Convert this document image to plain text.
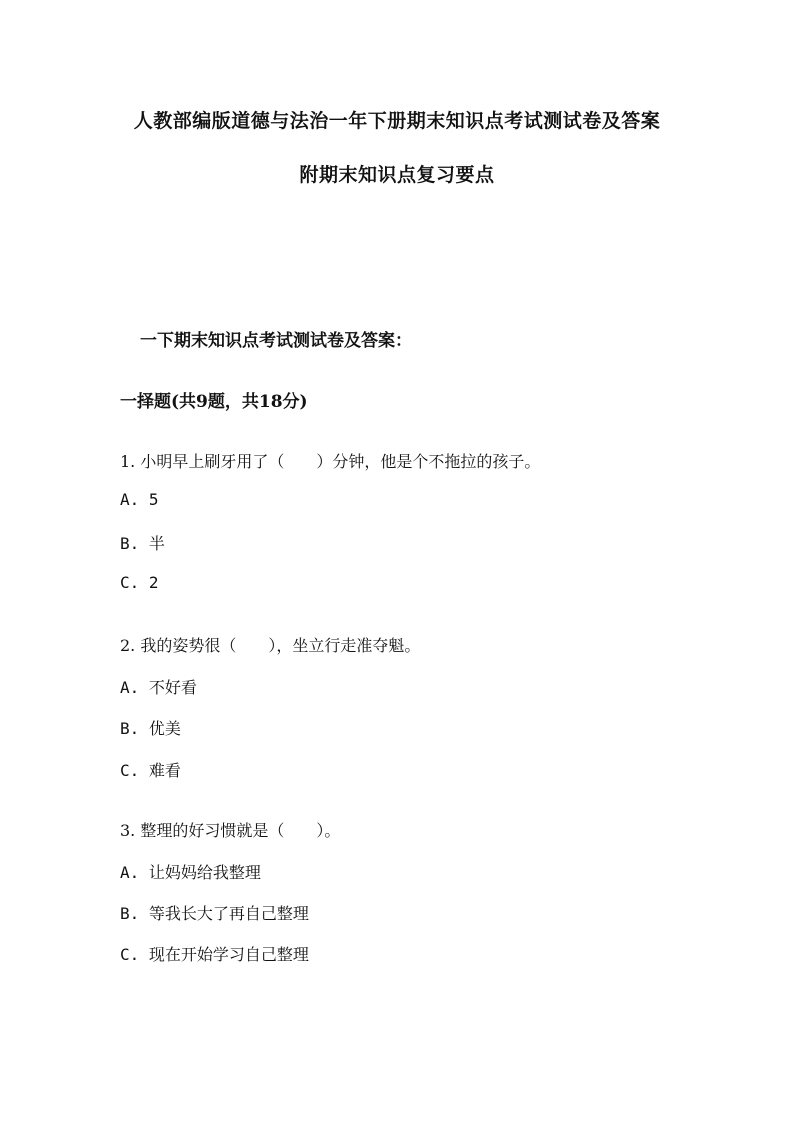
人教部编版道德与法治一年下册期末知识点考试测试卷及答案
附期末知识点复习要点
一下期末知识点考试测试卷及答案：
一择题(共9题，共18分)
1. 小明早上刷牙用了（　　）分钟，他是个不拖拉的孩子。
A. 5
B. 半
C. 2
2. 我的姿势很（　　），坐立行走准夺魁。
A. 不好看
B. 优美
C. 难看
3. 整理的好习惯就是（　　）。
A. 让妈妈给我整理
B. 等我长大了再自己整理
C. 现在开始学习自己整理
